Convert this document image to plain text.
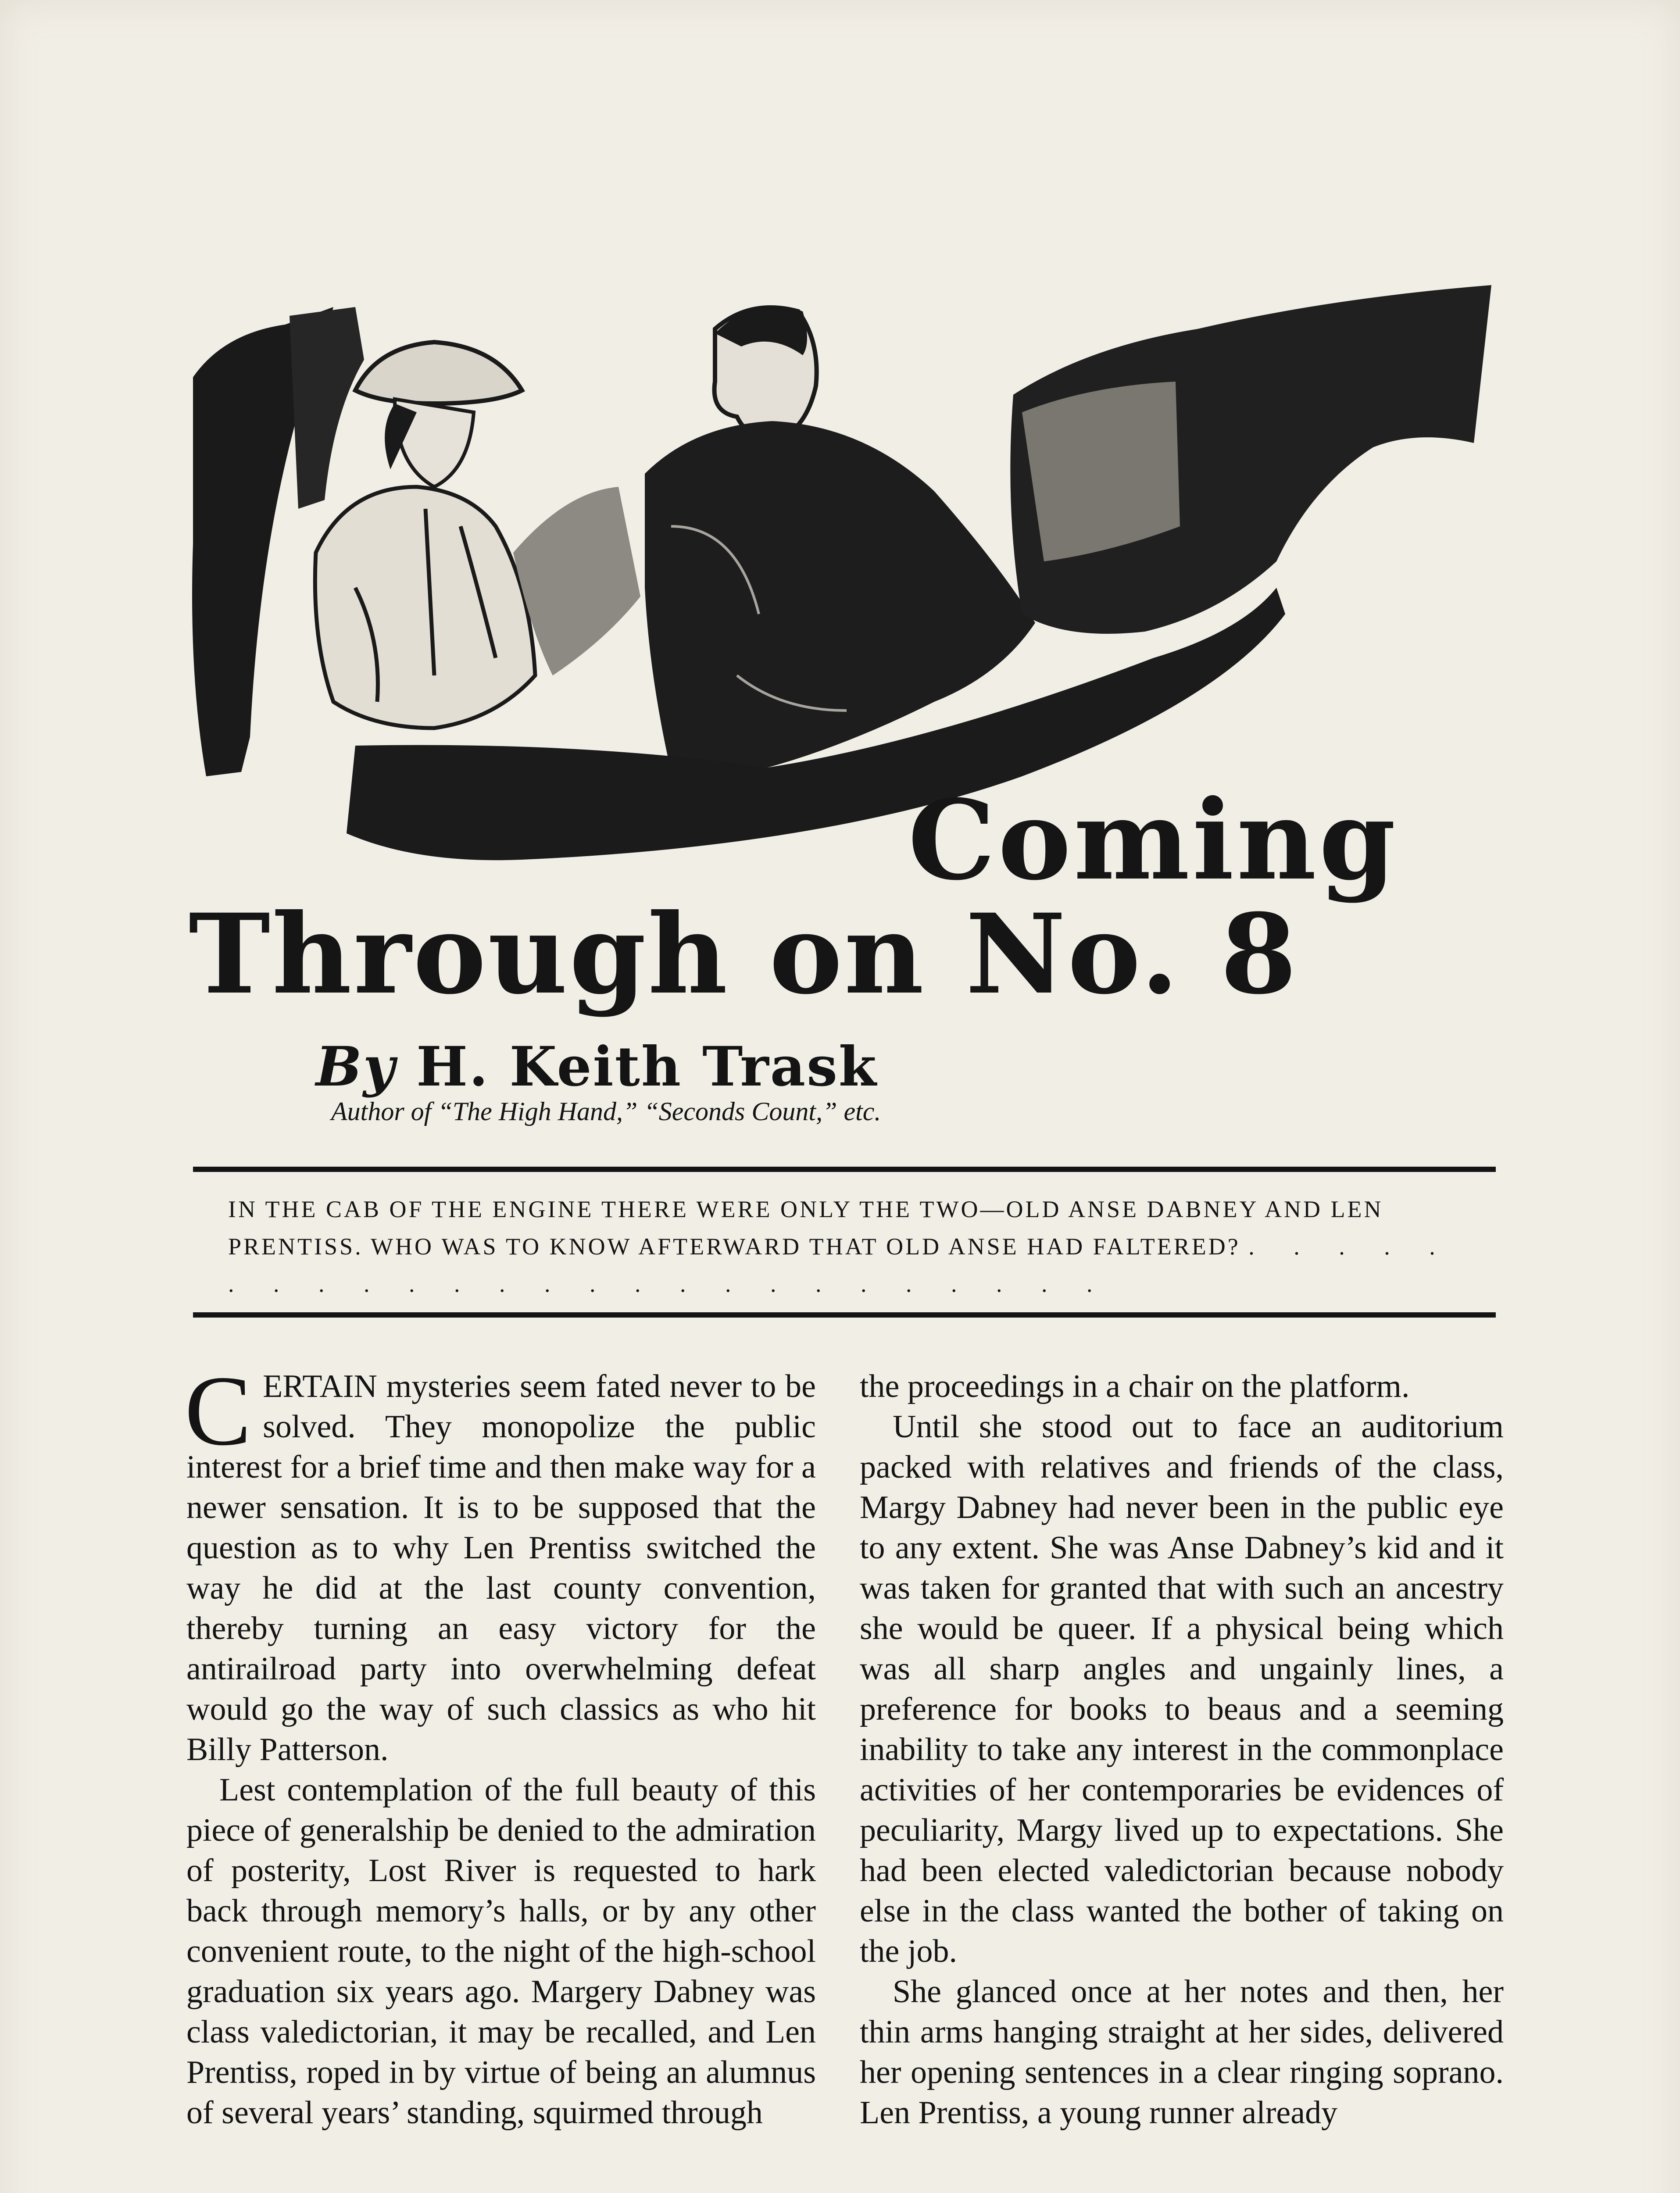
Coming
Through on No. 8
By H. Keith Trask
Author of “The High Hand,” “Seconds Count,” etc.
IN THE CAB OF THE ENGINE THERE WERE ONLY THE TWO—OLD ANSE DABNEY AND LEN PRENTISS. WHO WAS TO KNOW AFTERWARD THAT OLD ANSE HAD FALTERED? . . . . . . . . . . . . . . . . . . . . . . . . .

CERTAIN mysteries seem fated never to be solved. They monopolize the public interest for a brief time and then make way for a newer sensation. It is to be supposed that the question as to why Len Prentiss switched the way he did at the last county convention, thereby turning an easy victory for the antirailroad party into overwhelming defeat would go the way of such classics as who hit Billy Patterson.

Lest contemplation of the full beauty of this piece of generalship be denied to the admiration of posterity, Lost River is requested to hark back through memory’s halls, or by any other convenient route, to the night of the high-school graduation six years ago. Margery Dabney was class valedictorian, it may be recalled, and Len Prentiss, roped in by virtue of being an alumnus of several years’ standing, squirmed through

the proceedings in a chair on the platform.

Until she stood out to face an auditorium packed with relatives and friends of the class, Margy Dabney had never been in the public eye to any extent. She was Anse Dabney’s kid and it was taken for granted that with such an ancestry she would be queer. If a physical being which was all sharp angles and ungainly lines, a preference for books to beaus and a seeming inability to take any interest in the commonplace activities of her contemporaries be evidences of peculiarity, Margy lived up to expectations. She had been elected valedictorian because nobody else in the class wanted the bother of taking on the job.

She glanced once at her notes and then, her thin arms hanging straight at her sides, delivered her opening sentences in a clear ringing soprano. Len Prentiss, a young runner already
